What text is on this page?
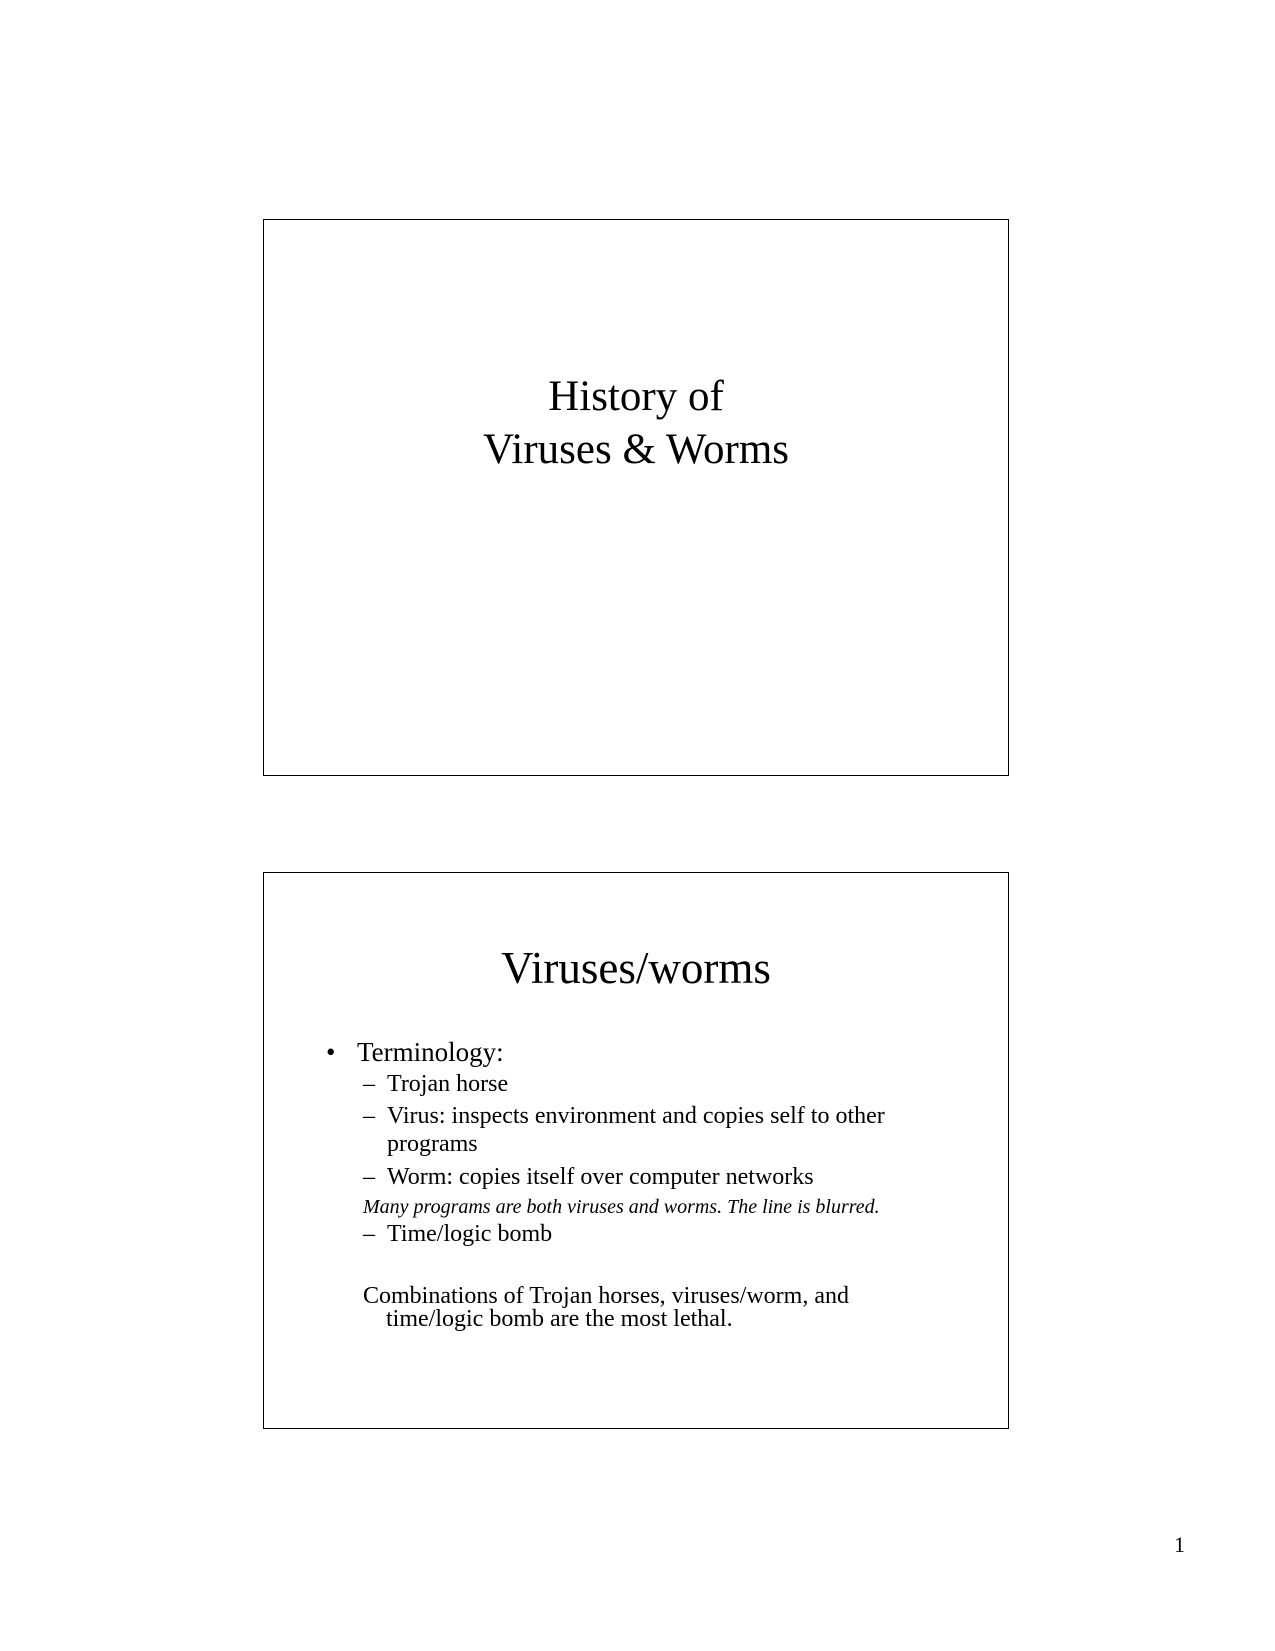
History of
Viruses & Worms
Viruses/worms
• Terminology:
– Trojan horse
– Virus: inspects environment and copies self to other
programs
– Worm: copies itself over computer networks
Many programs are both viruses and worms. The line is blurred.
– Time/logic bomb
Combinations of Trojan horses, viruses/worm, and
time/logic bomb are the most lethal.
1
